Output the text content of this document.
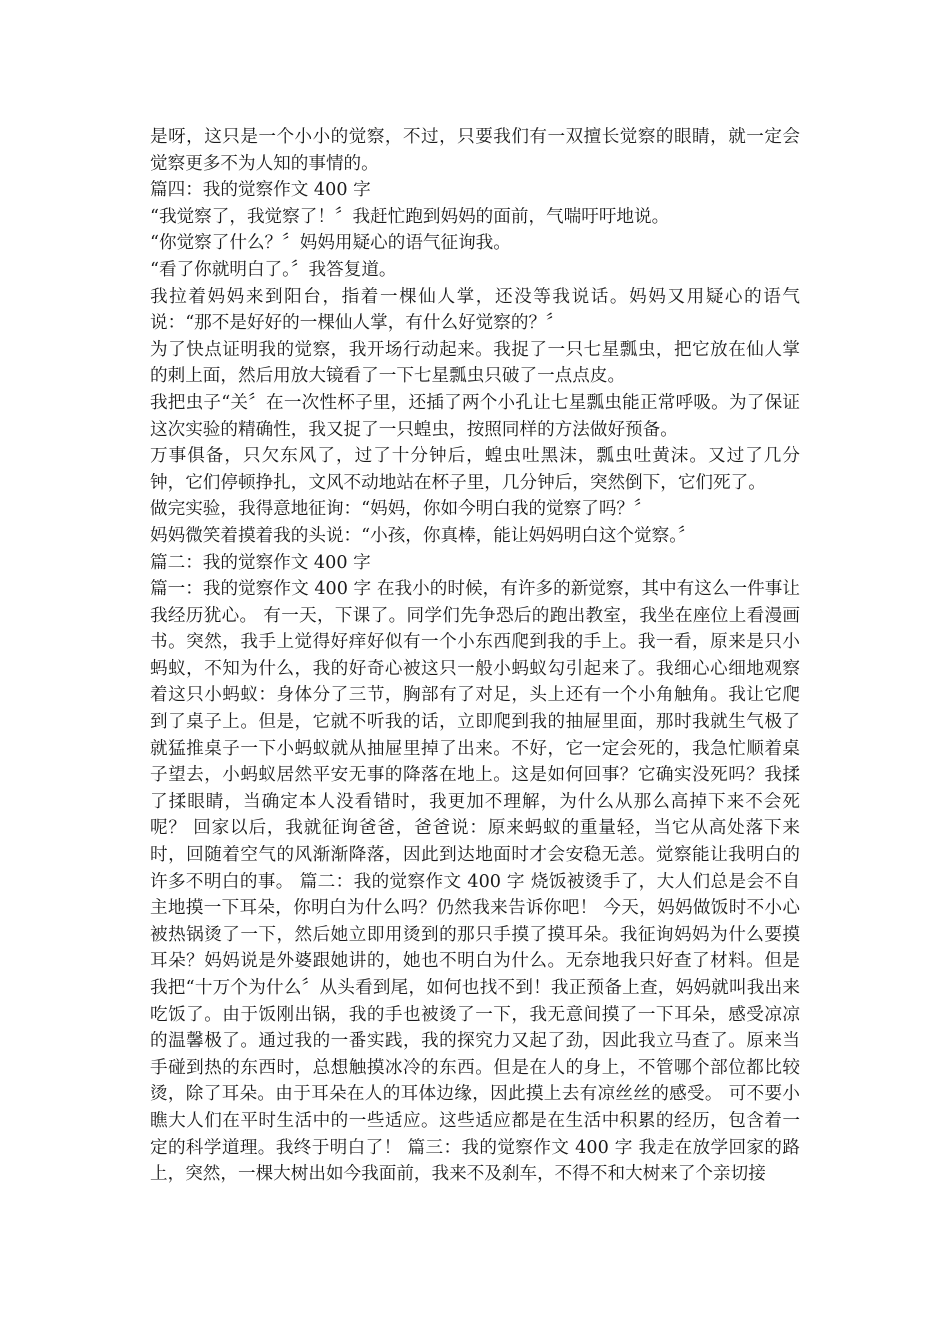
是呀，这只是一个小小的觉察，不过，只要我们有一双擅长觉察的眼睛，就一定会觉察更多不为人知的事情的。

篇四：我的觉察作文 400 字

“我觉察了，我觉察了！〞我赶忙跑到妈妈的面前，气喘吁吁地说。

“你觉察了什么？〞妈妈用疑心的语气征询我。

“看了你就明白了。〞我答复道。

我拉着妈妈来到阳台，指着一棵仙人掌，还没等我说话。妈妈又用疑心的语气说：“那不是好好的一棵仙人掌，有什么好觉察的？〞

为了快点证明我的觉察，我开场行动起来。我捉了一只七星瓢虫，把它放在仙人掌的刺上面，然后用放大镜看了一下七星瓢虫只破了一点点皮。

我把虫子“关〞在一次性杯子里，还插了两个小孔让七星瓢虫能正常呼吸。为了保证这次实验的精确性，我又捉了一只蝗虫，按照同样的方法做好预备。

万事俱备，只欠东风了，过了十分钟后，蝗虫吐黑沫，瓢虫吐黄沫。又过了几分钟，它们停顿挣扎，文风不动地站在杯子里，几分钟后，突然倒下，它们死了。

做完实验，我得意地征询：“妈妈，你如今明白我的觉察了吗？〞

妈妈微笑着摸着我的头说：“小孩，你真棒，能让妈妈明白这个觉察。〞

篇二：我的觉察作文 400 字

篇一：我的觉察作文 400 字 在我小的时候，有许多的新觉察，其中有这么一件事让我经历犹心。 有一天，下课了。同学们先争恐后的跑出教室，我坐在座位上看漫画书。突然，我手上觉得好痒好似有一个小东西爬到我的手上。我一看，原来是只小蚂蚁，不知为什么，我的好奇心被这只一般小蚂蚁勾引起来了。我细心心细地观察着这只小蚂蚁：身体分了三节，胸部有了对足，头上还有一个小角触角。我让它爬到了桌子上。但是，它就不听我的话，立即爬到我的抽屉里面，那时我就生气极了就猛推桌子一下小蚂蚁就从抽屉里掉了出来。不好，它一定会死的，我急忙顺着桌子望去，小蚂蚁居然平安无事的降落在地上。这是如何回事？它确实没死吗？我揉了揉眼睛，当确定本人没看错时，我更加不理解，为什么从那么高掉下来不会死呢？ 回家以后，我就征询爸爸，爸爸说：原来蚂蚁的重量轻，当它从高处落下来时，回随着空气的风渐渐降落，因此到达地面时才会安稳无恙。觉察能让我明白的许多不明白的事。 篇二：我的觉察作文 400 字 烧饭被烫手了，大人们总是会不自主地摸一下耳朵，你明白为什么吗？仍然我来告诉你吧！ 今天，妈妈做饭时不小心被热锅烫了一下，然后她立即用烫到的那只手摸了摸耳朵。我征询妈妈为什么要摸耳朵？妈妈说是外婆跟她讲的，她也不明白为什么。无奈地我只好查了材料。但是我把“十万个为什么〞从头看到尾，如何也找不到！我正预备上查，妈妈就叫我出来吃饭了。由于饭刚出锅，我的手也被烫了一下，我无意间摸了一下耳朵，感受凉凉的温馨极了。通过我的一番实践，我的探究力又起了劲，因此我立马查了。原来当手碰到热的东西时，总想触摸冰冷的东西。但是在人的身上，不管哪个部位都比较烫，除了耳朵。由于耳朵在人的耳体边缘，因此摸上去有凉丝丝的感受。 可不要小瞧大人们在平时生活中的一些适应。这些适应都是在生活中积累的经历，包含着一定的科学道理。我终于明白了！ 篇三：我的觉察作文 400 字 我走在放学回家的路上，突然，一棵大树出如今我面前，我来不及刹车，不得不和大树来了个亲切接
